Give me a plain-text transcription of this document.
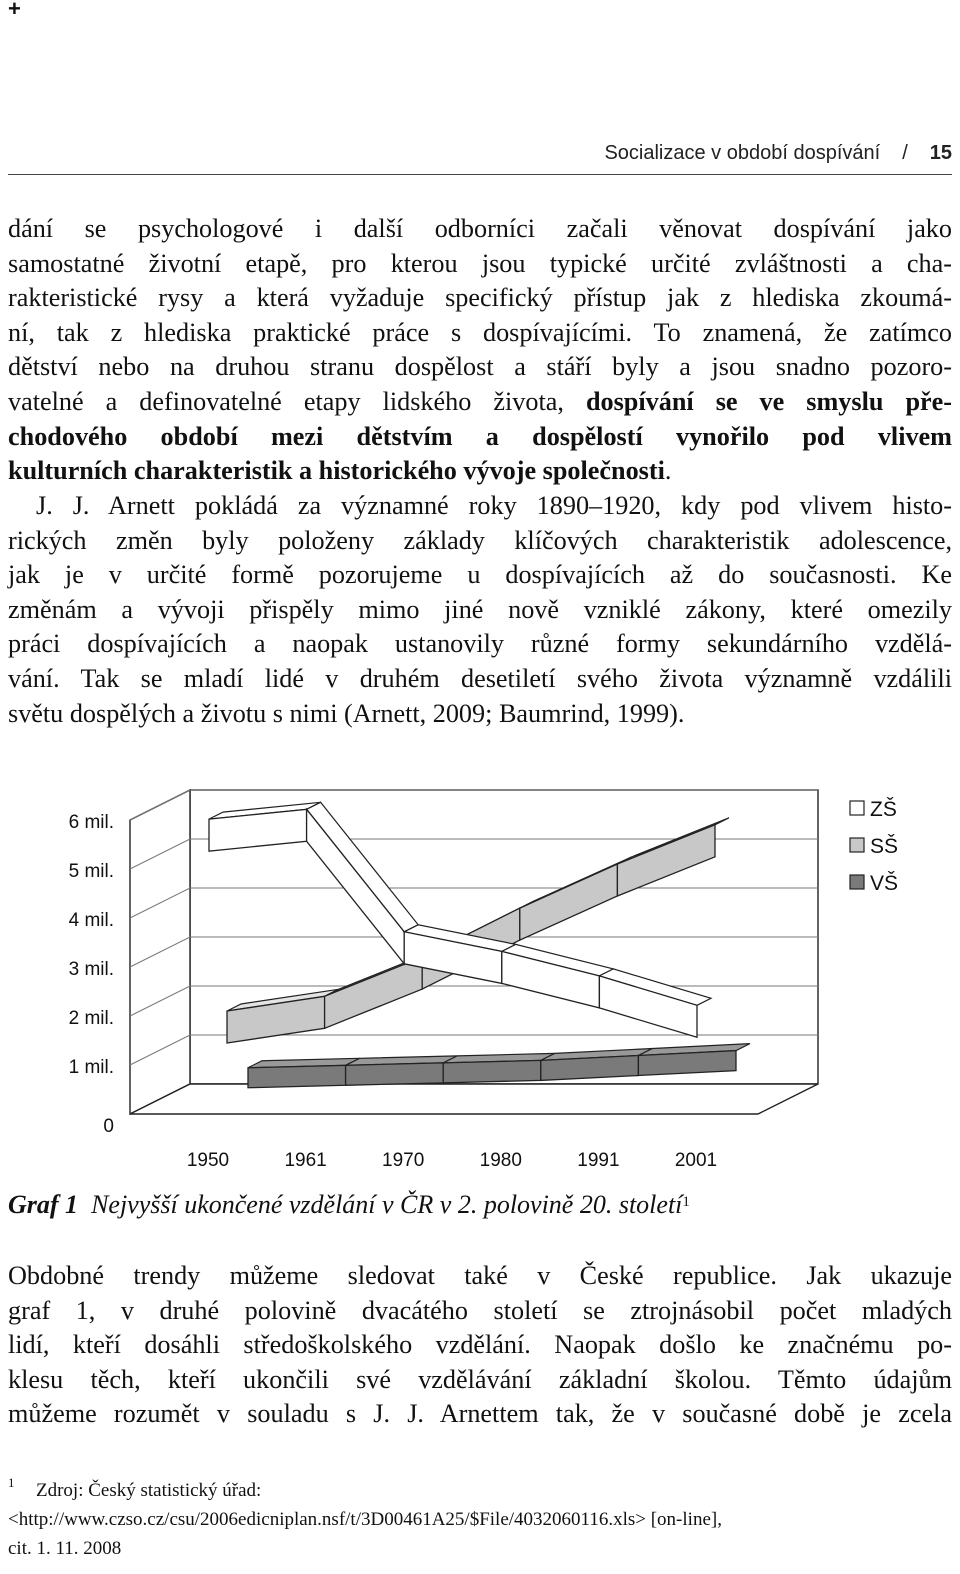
+
Socializace v období dospívání / 15
dání se psychologové i další odborníci začali věnovat dospívání jako
samostatné životní etapě, pro kterou jsou typické určité zvláštnosti a cha-
rakteristické rysy a která vyžaduje specifický přístup jak z hlediska zkoumá-
ní, tak z hlediska praktické práce s dospívajícími. To znamená, že zatímco
dětství nebo na druhou stranu dospělost a stáří byly a jsou snadno pozoro-
vatelné a definovatelné etapy lidského života, dospívání se ve smyslu pře-
chodového období mezi dětstvím a dospělostí vynořilo pod vlivem
kulturních charakteristik a historického vývoje společnosti.
J. J. Arnett pokládá za významné roky 1890–1920, kdy pod vlivem histo-
rických změn byly položeny základy klíčových charakteristik adolescence,
jak je v určité formě pozorujeme u dospívajících až do současnosti. Ke
změnám a vývoji přispěly mimo jiné nově vzniklé zákony, které omezily
práci dospívajících a naopak ustanovily různé formy sekundárního vzdělá-
vání. Tak se mladí lidé v druhém desetiletí svého života významně vzdálili
světu dospělých a životu s nimi (Arnett, 2009; Baumrind, 1999).
0
1 mil.
2 mil.
3 mil.
4 mil.
5 mil.
6 mil.
1950	1961	1970	1980	1991	2001
ZŠ
SŠ
VŠ
Graf 1 Nejvyšší ukončené vzdělání v ČR v 2. polovině 20. století$^1$
Obdobné trendy můžeme sledovat také v České republice. Jak ukazuje
graf 1, v druhé polovině dvacátého století se ztrojnásobil počet mladých
lidí, kteří dosáhli středoškolského vzdělání. Naopak došlo ke značnému po-
klesu těch, kteří ukončili své vzdělávání základní školou. Těmto údajům
můžeme rozumět v souladu s J. J. Arnettem tak, že v současné době je zcela
1 Zdroj: Český statistický úřad:
<http://www.czso.cz/csu/2006edicniplan.nsf/t/3D00461A25/$File/4032060116.xls> [on-line],
cit. 1. 11. 2008
